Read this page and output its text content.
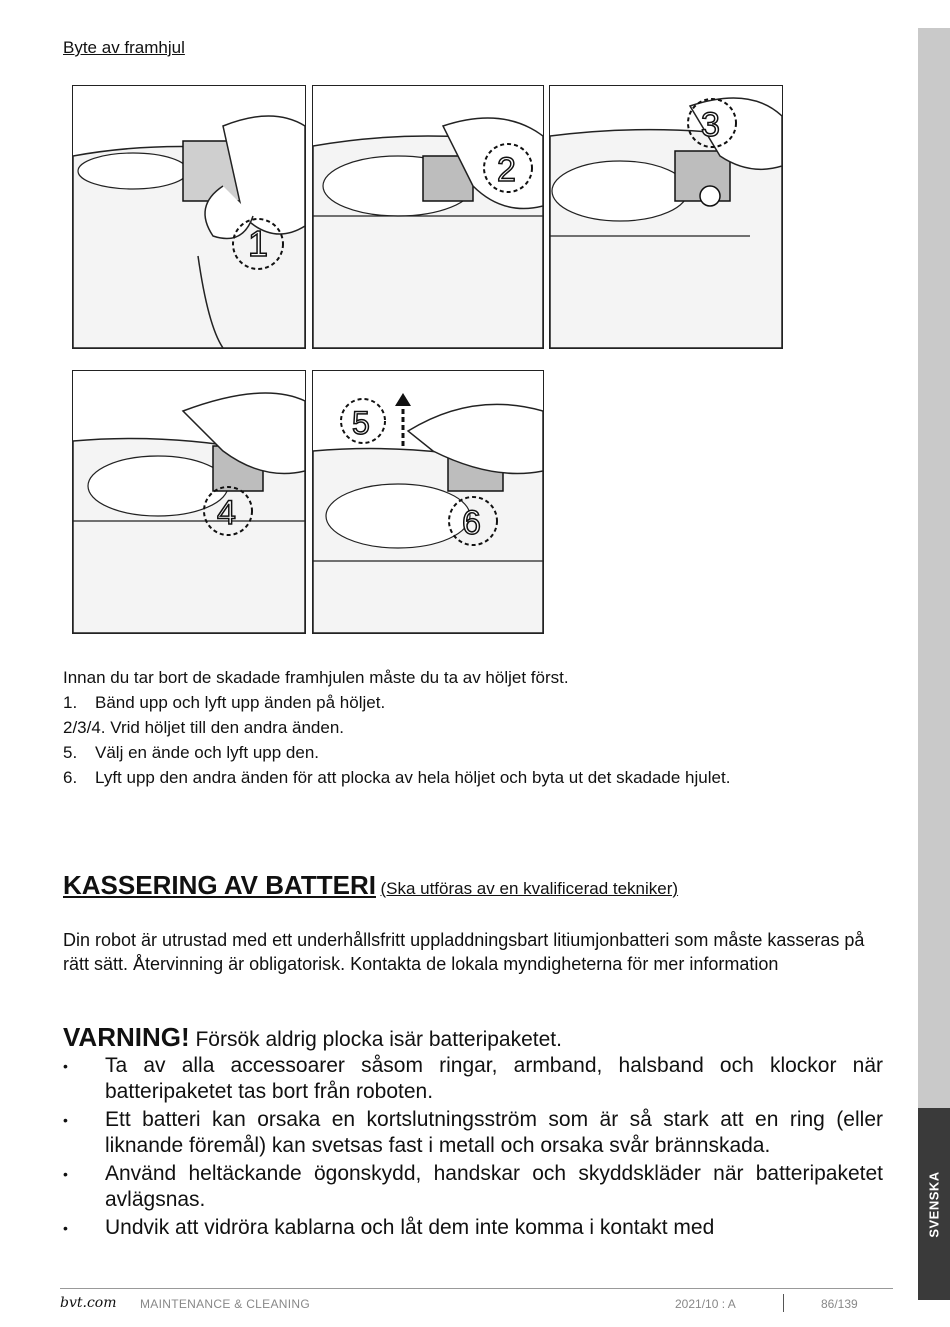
SVENSKA
Byte av framhjul
1
2
3
4
5
6
Innan du tar bort de skadade framhjulen måste du ta av höljet först.
1. Bänd upp och lyft upp änden på höljet.
2/3/4. Vrid höljet till den andra änden.
5. Välj en ände och lyft upp den.
6. Lyft upp den andra änden för att plocka av hela höljet och byta ut det skadade hjulet.
KASSERING AV BATTERI (Ska utföras av en kvalificerad tekniker)
Din robot är utrustad med ett underhållsfritt uppladdningsbart litiumjonbatteri som måste kasseras på rätt sätt. Återvinning är obligatorisk. Kontakta de lokala myndigheterna för mer information
VARNING! Försök aldrig plocka isär batteripaketet.
• Ta av alla accessoarer såsom ringar, armband, halsband och klockor när batteripaketet tas bort från roboten.
• Ett batteri kan orsaka en kortslutningsström som är så stark att en ring (eller liknande föremål) kan svetsas fast i metall och orsaka svår brännskada.
• Använd heltäckande ögonskydd, handskar och skyddskläder när batteripaketet avlägsnas.
• Undvik att vidröra kablarna och låt dem inte komma i kontakt med
bvt.com MAINTENANCE & CLEANING	2021/10 : A	86/139
